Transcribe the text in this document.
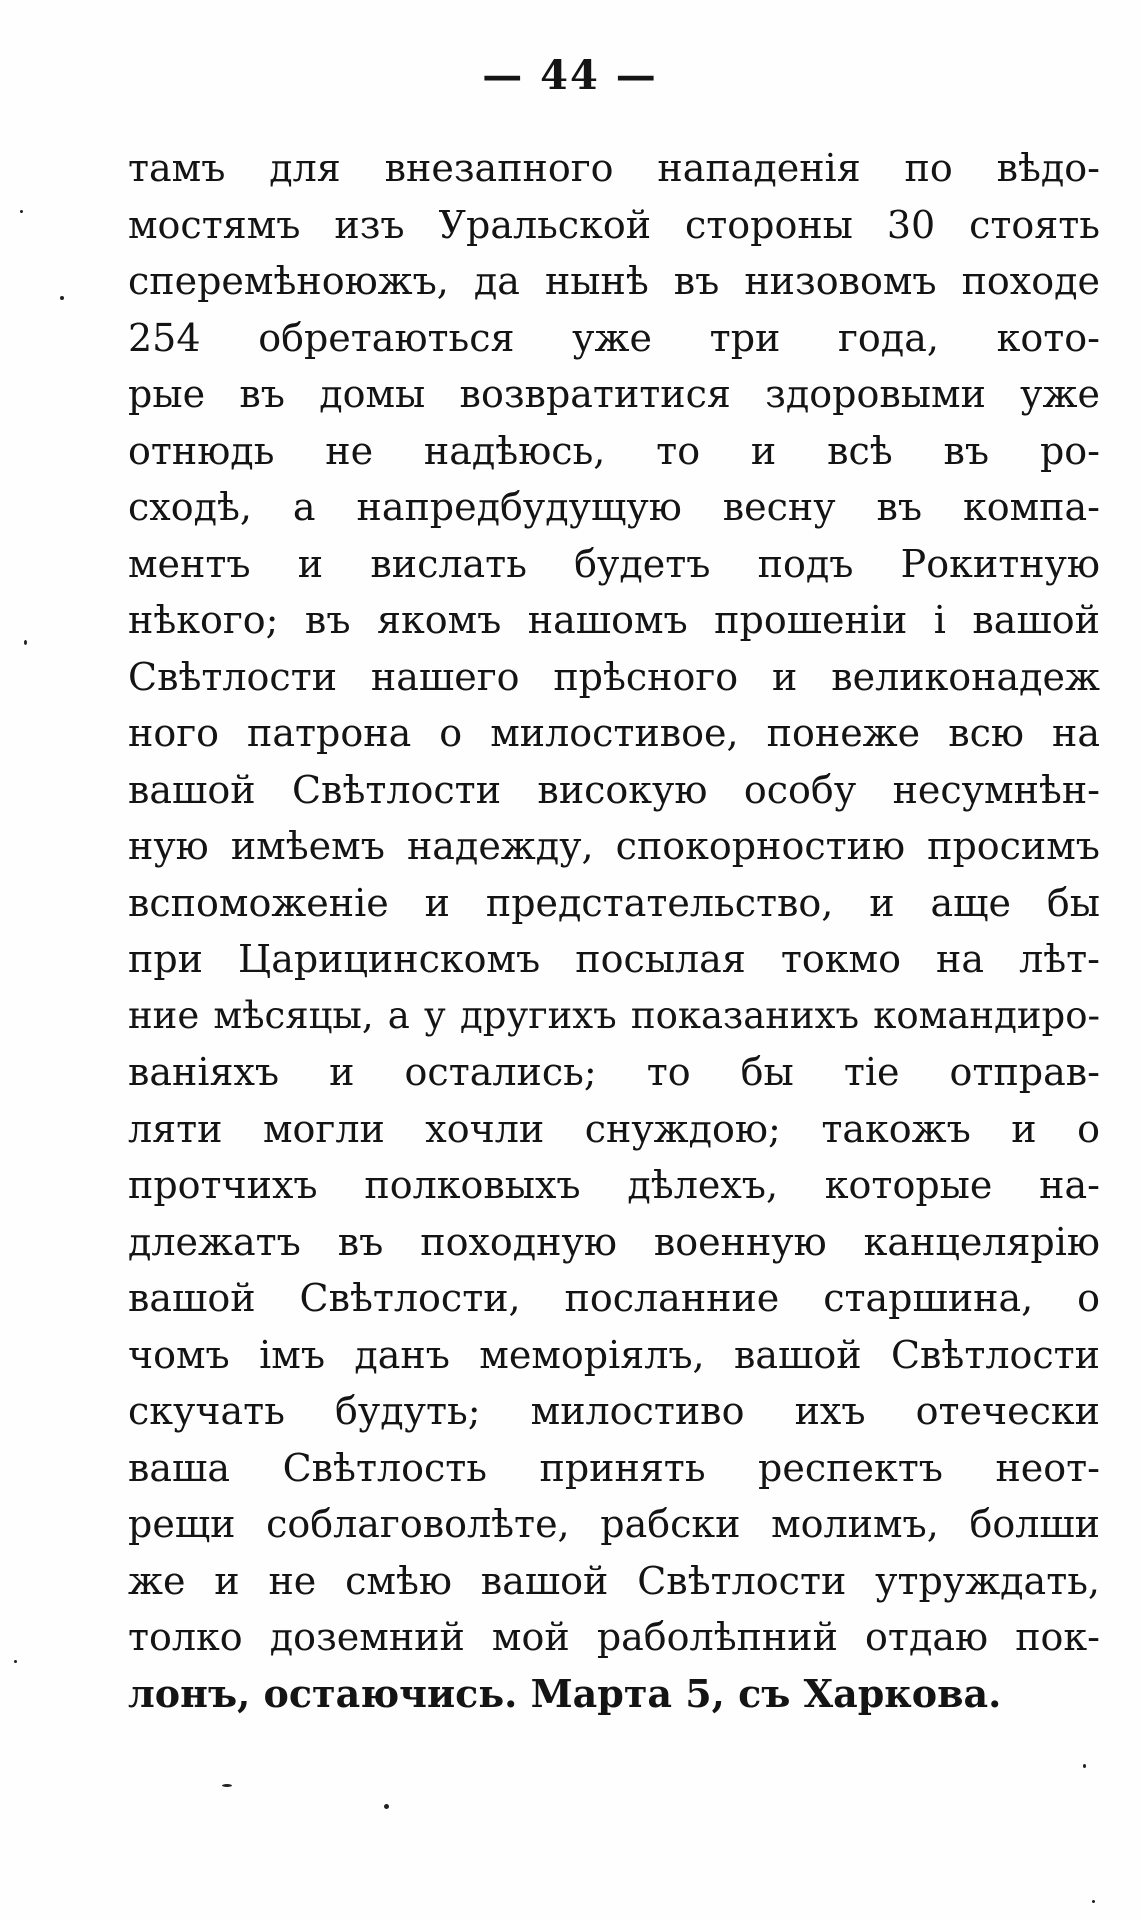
— 44 —
тамъ для внезапного нападенія по вѣдо-
мостямъ изъ Уральской стороны 30 стоять
сперемѣноюжъ, да нынѣ въ низовомъ походе
254 обретаються уже три года, кото-
рые въ домы возвратитися здоровыми уже
отнюдь не надѣюсь, то и всѣ въ ро-
сходѣ, а напредбудущую весну въ компа-
ментъ и вислать будетъ подъ Рокитную
нѣкого; въ якомъ нашомъ прошеніи і вашой
Свѣтлости нашего прѣсного и великонадеж
ного патрона о милостивое, понеже всю на
вашой Свѣтлости високую особу несумнѣн-
ную имѣемъ надежду, спокорностию просимъ
вспоможеніе и предстательство, и аще бы
при Царицинскомъ посылая токмо на лѣт-
ние мѣсяцы, а у другихъ показанихъ командиро-
ваніяхъ и остались; то бы тіе отправ-
ляти могли хочли снуждою; такожъ и о
протчихъ полковыхъ дѣлехъ, которые на-
длежатъ въ походную военную канцелярію
вашой Свѣтлости, посланние старшина, о
чомъ імъ данъ меморіялъ, вашой Свѣтлости
скучать будуть; милостиво ихъ отечески
ваша Свѣтлость принять респектъ неот-
рещи соблаговолѣте, рабски молимъ, болши
же и не смѣю вашой Свѣтлости утруждать,
толко доземний мой раболѣпний отдаю пок-
лонъ, остаючись. Марта 5, съ Харкова.
